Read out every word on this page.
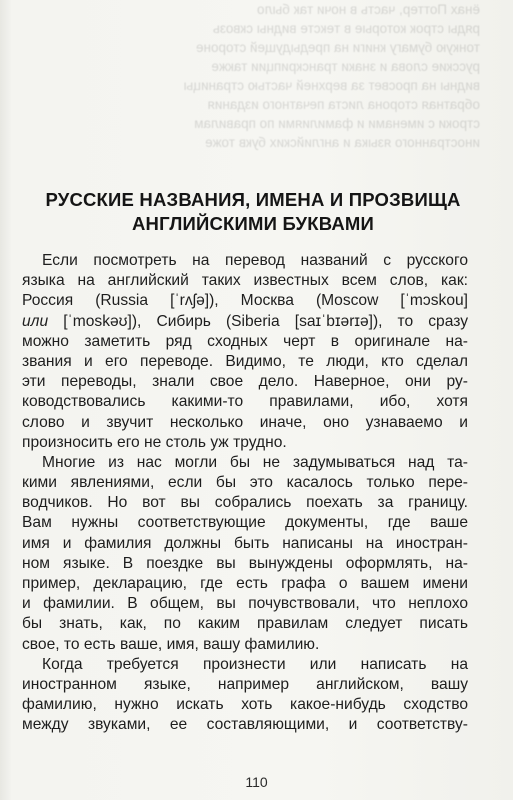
ёнах Поттер, часть в ночи так было
ряды строк которые в тексте видны сквозь
тонкую бумагу книги на предыдущей стороне
русские слова и знаки транскрипции также
видны на просвет за верхней частью страницы
обратная сторона листа печатного издания
строки с именами и фамилиями по правилам
иностранного языка и английских букв тоже
РУССКИЕ НАЗВАНИЯ, ИМЕНА И ПРОЗВИЩА
АНГЛИЙСКИМИ БУКВАМИ
Если посмотреть на перевод названий с русского
языка на английский таких известных всем слов, как:
Россия (Russia [ˈrʌʃə]), Москва (Moscow [ˈmɔskou]
или [ˈmoskəʊ]), Сибирь (Siberia [saɪˈbɪərɪə]), то сразу
можно заметить ряд сходных черт в оригинале на-
звания и его переводе. Видимо, те люди, кто сделал
эти переводы, знали свое дело. Наверное, они ру-
ководствовались какими-то правилами, ибо, хотя
слово и звучит несколько иначе, оно узнаваемо и
произносить его не столь уж трудно.
Многие из нас могли бы не задумываться над та-
кими явлениями, если бы это касалось только пере-
водчиков. Но вот вы собрались поехать за границу.
Вам нужны соответствующие документы, где ваше
имя и фамилия должны быть написаны на иностран-
ном языке. В поездке вы вынуждены оформлять, на-
пример, декларацию, где есть графа о вашем имени
и фамилии. В общем, вы почувствовали, что неплохо
бы знать, как, по каким правилам следует писать
свое, то есть ваше, имя, вашу фамилию.
Когда требуется произнести или написать на
иностранном языке, например английском, вашу
фамилию, нужно искать хоть какое-нибудь сходство
между звуками, ее составляющими, и соответству-
110
